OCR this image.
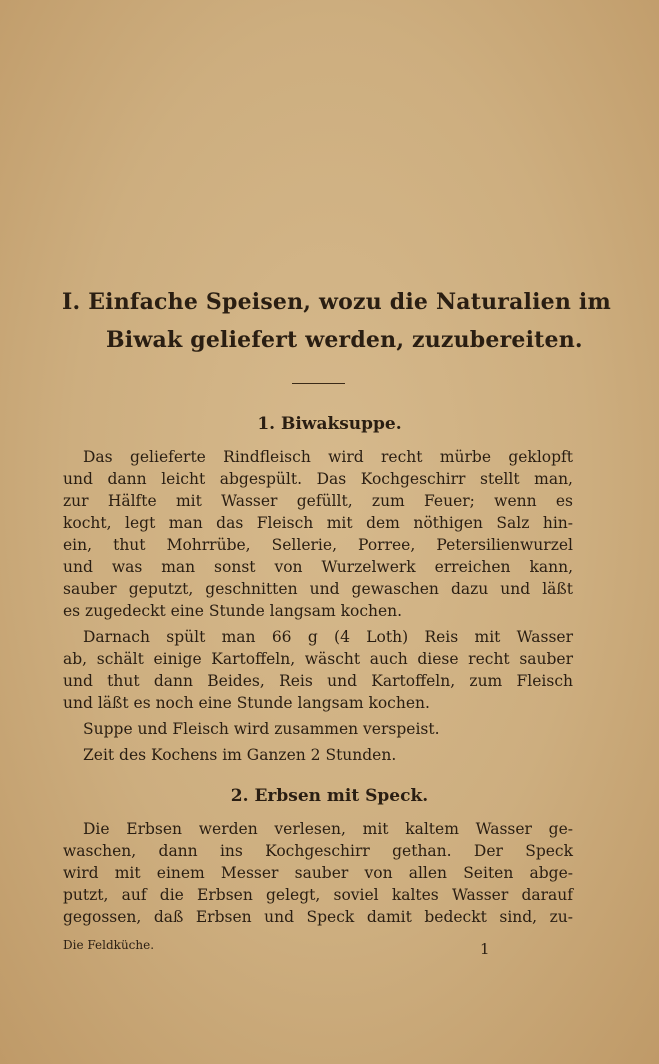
I. Einfache Speisen, wozu die Naturalien im
Biwak geliefert werden, zuzubereiten.
1. Biwaksuppe.
Das gelieferte Rindfleisch wird recht mürbe geklopft
und dann leicht abgespült. Das Kochgeschirr stellt man,
zur Hälfte mit Wasser gefüllt, zum Feuer; wenn es
kocht, legt man das Fleisch mit dem nöthigen Salz hin-
ein, thut Mohrrübe, Sellerie, Porree, Petersilienwurzel
und was man sonst von Wurzelwerk erreichen kann,
sauber geputzt, geschnitten und gewaschen dazu und läßt
es zugedeckt eine Stunde langsam kochen.
Darnach spült man 66 g (4 Loth) Reis mit Wasser
ab, schält einige Kartoffeln, wäscht auch diese recht sauber
und thut dann Beides, Reis und Kartoffeln, zum Fleisch
und läßt es noch eine Stunde langsam kochen.
Suppe und Fleisch wird zusammen verspeist.
Zeit des Kochens im Ganzen 2 Stunden.
2. Erbsen mit Speck.
Die Erbsen werden verlesen, mit kaltem Wasser ge-
waschen, dann ins Kochgeschirr gethan. Der Speck
wird mit einem Messer sauber von allen Seiten abge-
putzt, auf die Erbsen gelegt, soviel kaltes Wasser darauf
gegossen, daß Erbsen und Speck damit bedeckt sind, zu-
Die Feldküche.	1
